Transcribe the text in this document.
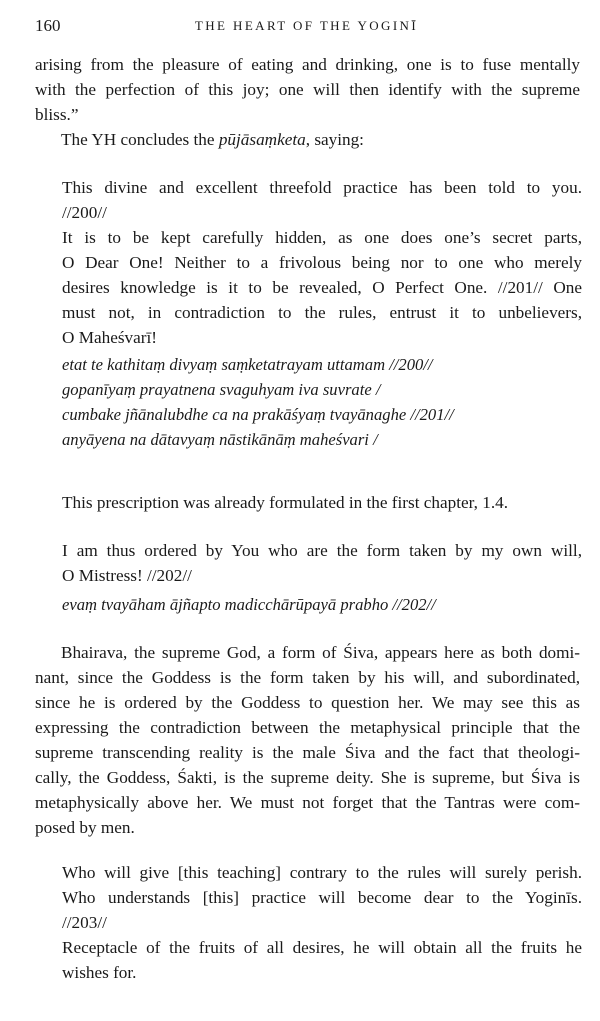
160	THE HEART OF THE YOGINĪ
arising from the pleasure of eating and drinking, one is to fuse mentally
with the perfection of this joy; one will then identify with the supreme
bliss.”
The YH concludes the pūjāsaṃketa, saying:
This divine and excellent threefold practice has been told to you.
//200//
It is to be kept carefully hidden, as one does one’s secret parts,
O Dear One! Neither to a frivolous being nor to one who merely
desires knowledge is it to be revealed, O Perfect One. //201// One
must not, in contradiction to the rules, entrust it to unbelievers,
O Maheśvarī!
etat te kathitaṃ divyaṃ saṃketatrayam uttamam //200//
gopanīyaṃ prayatnena svaguhyam iva suvrate /
cumbake jñānalubdhe ca na prakāśyaṃ tvayānaghe //201//
anyāyena na dātavyaṃ nāstikānāṃ maheśvari /
This prescription was already formulated in the first chapter, 1.4.
I am thus ordered by You who are the form taken by my own will,
O Mistress! //202//
evaṃ tvayāham ājñapto madicchārūpayā prabho //202//
Bhairava, the supreme God, a form of Śiva, appears here as both domi-
nant, since the Goddess is the form taken by his will, and subordinated,
since he is ordered by the Goddess to question her. We may see this as
expressing the contradiction between the metaphysical principle that the
supreme transcending reality is the male Śiva and the fact that theologi-
cally, the Goddess, Śakti, is the supreme deity. She is supreme, but Śiva is
metaphysically above her. We must not forget that the Tantras were com-
posed by men.
Who will give [this teaching] contrary to the rules will surely perish.
Who understands [this] practice will become dear to the Yoginīs.
//203//
Receptacle of the fruits of all desires, he will obtain all the fruits he
wishes for.
